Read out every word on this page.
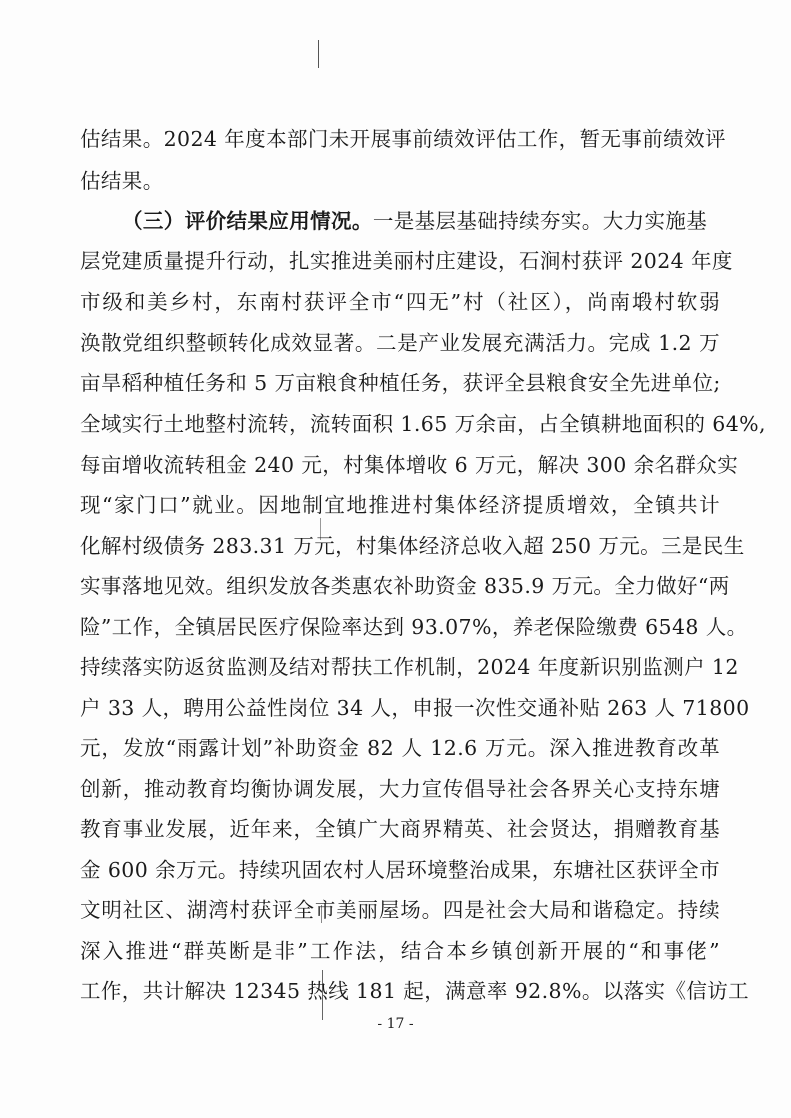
估结果。2024 年度本部门未开展事前绩效评估工作，暂无事前绩效评
估结果。
（三）评价结果应用情况。一是基层基础持续夯实。大力实施基
层党建质量提升行动，扎实推进美丽村庄建设，石涧村获评 2024 年度
市级和美乡村，东南村获评全市“四无”村（社区），尚南塅村软弱
涣散党组织整顿转化成效显著。二是产业发展充满活力。完成 1.2 万
亩旱稻种植任务和 5 万亩粮食种植任务，获评全县粮食安全先进单位;
全域实行土地整村流转，流转面积 1.65 万余亩，占全镇耕地面积的 64%,
每亩增收流转租金 240 元，村集体增收 6 万元，解决 300 余名群众实
现“家门口”就业。因地制宜地推进村集体经济提质增效，全镇共计
化解村级债务 283.31 万元，村集体经济总收入超 250 万元。三是民生
实事落地见效。组织发放各类惠农补助资金 835.9 万元。全力做好“两
险”工作，全镇居民医疗保险率达到 93.07%，养老保险缴费 6548 人。
持续落实防返贫监测及结对帮扶工作机制，2024 年度新识别监测户 12
户 33 人，聘用公益性岗位 34 人，申报一次性交通补贴 263 人 71800
元，发放“雨露计划”补助资金 82 人 12.6 万元。深入推进教育改革
创新，推动教育均衡协调发展，大力宣传倡导社会各界关心支持东塘
教育事业发展，近年来，全镇广大商界精英、社会贤达，捐赠教育基
金 600 余万元。持续巩固农村人居环境整治成果，东塘社区获评全市
文明社区、湖湾村获评全市美丽屋场。四是社会大局和谐稳定。持续
深入推进“群英断是非”工作法，结合本乡镇创新开展的“和事佬”
工作，共计解决 12345 热线 181 起，满意率 92.8%。以落实《信访工
- 17 -
